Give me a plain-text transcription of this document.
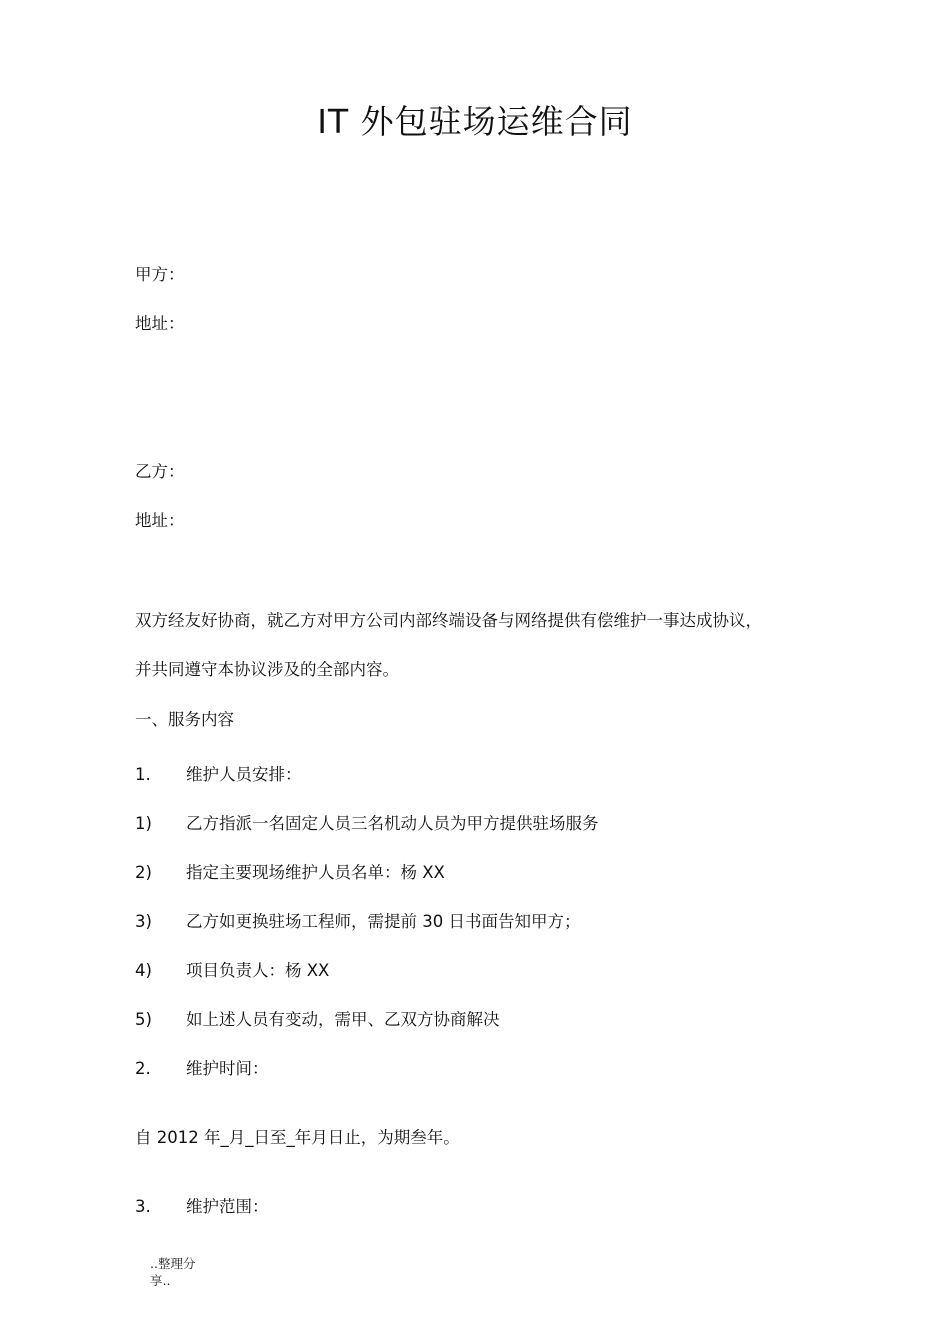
IT 外包驻场运维合同
甲方：
地址：
乙方：
地址：
双方经友好协商，就乙方对甲方公司内部终端设备与网络提供有偿维护一事达成协议，
并共同遵守本协议涉及的全部内容。
一、服务内容
1. 维护人员安排：
1) 乙方指派一名固定人员三名机动人员为甲方提供驻场服务
2) 指定主要现场维护人员名单：杨 XX
3) 乙方如更换驻场工程师，需提前 30 日书面告知甲方；
4) 项目负责人：杨 XX
5) 如上述人员有变动，需甲、乙双方协商解决
2. 维护时间：
自 2012 年_月_日至_年月日止，为期叁年。
3. 维护范围：
..整理分享..
